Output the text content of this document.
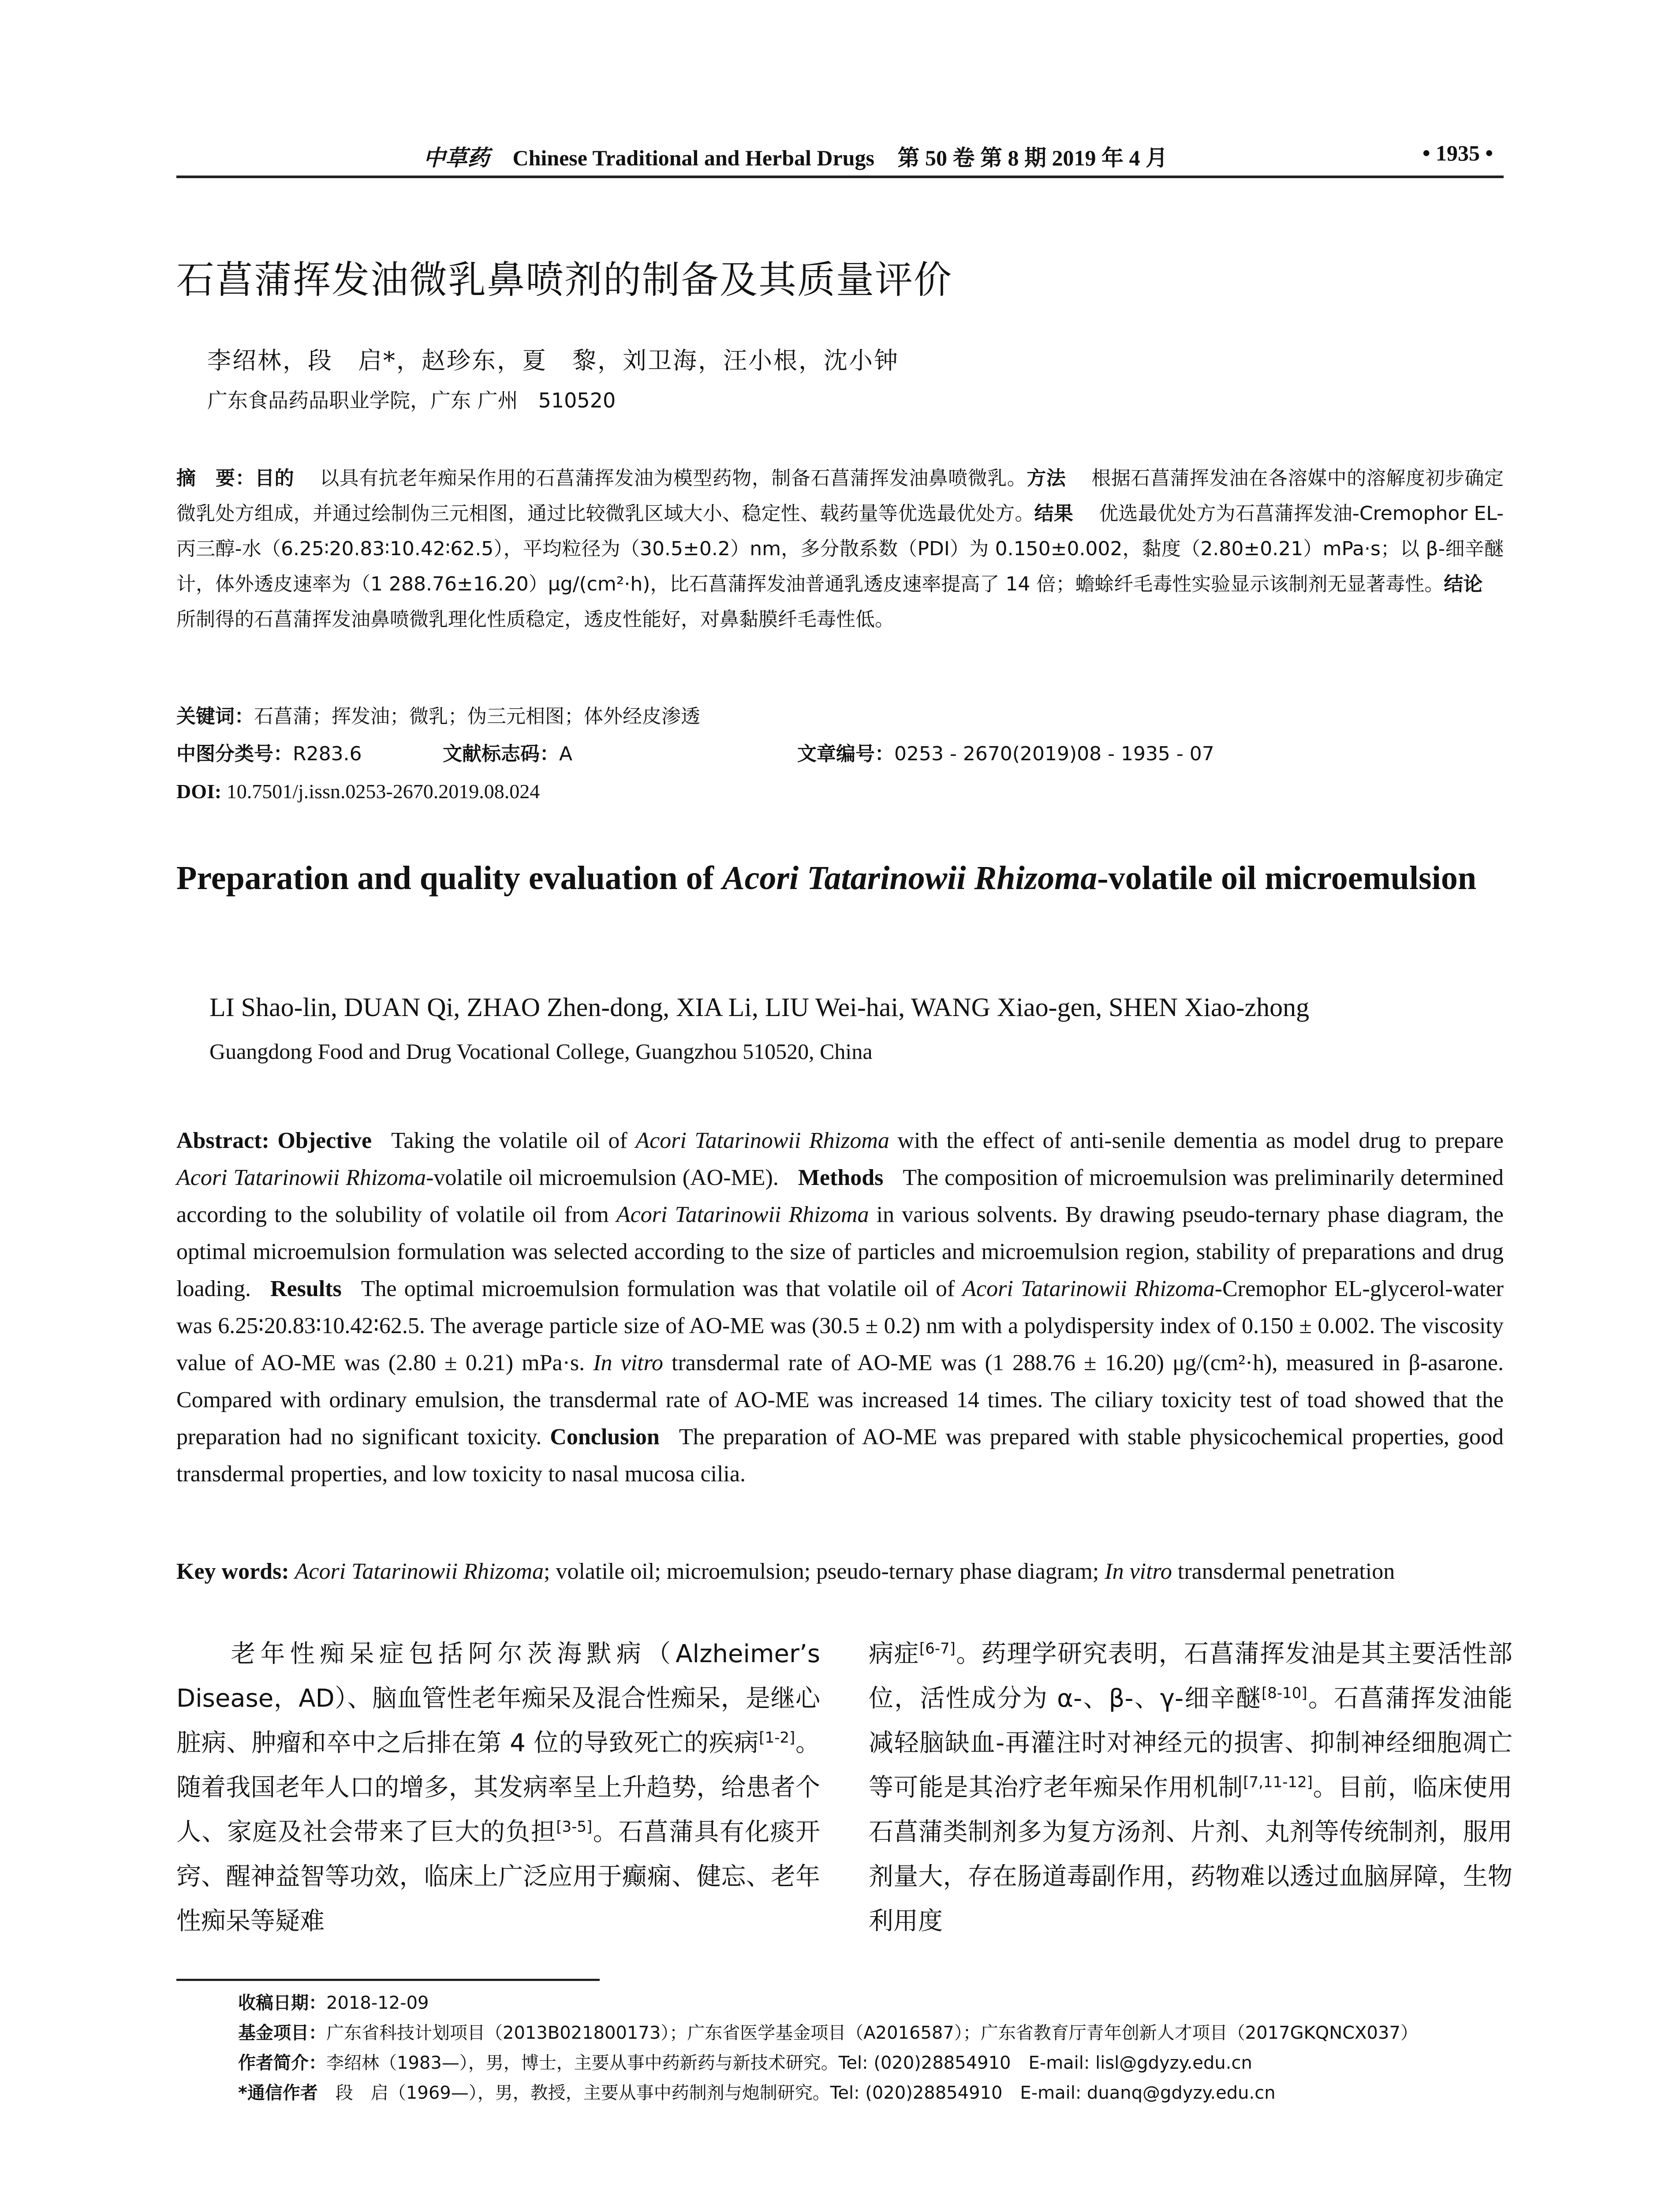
中草药 Chinese Traditional and Herbal Drugs 第 50 卷 第 8 期 2019 年 4 月	• 1935 •
石菖蒲挥发油微乳鼻喷剂的制备及其质量评价
李绍林，段　启*，赵珍东，夏　黎，刘卫海，汪小根，沈小钟
广东食品药品职业学院，广东 广州　510520
摘　要：目的 以具有抗老年痴呆作用的石菖蒲挥发油为模型药物，制备石菖蒲挥发油鼻喷微乳。方法 根据石菖蒲挥发油在各溶媒中的溶解度初步确定微乳处方组成，并通过绘制伪三元相图，通过比较微乳区域大小、稳定性、载药量等优选最优处方。结果 优选最优处方为石菖蒲挥发油-Cremophor EL-丙三醇-水（6.25∶20.83∶10.42∶62.5），平均粒径为（30.5±0.2）nm，多分散系数（PDI）为 0.150±0.002，黏度（2.80±0.21）mPa·s；以 β-细辛醚计，体外透皮速率为（1 288.76±16.20）μg/(cm²·h)，比石菖蒲挥发油普通乳透皮速率提高了 14 倍；蟾蜍纤毛毒性实验显示该制剂无显著毒性。结论所制得的石菖蒲挥发油鼻喷微乳理化性质稳定，透皮性能好，对鼻黏膜纤毛毒性低。
关键词：石菖蒲；挥发油；微乳；伪三元相图；体外经皮渗透
中图分类号：R283.6	文献标志码：A	文章编号：0253 - 2670(2019)08 - 1935 - 07
DOI: 10.7501/j.issn.0253-2670.2019.08.024
Preparation and quality evaluation of Acori Tatarinowii Rhizoma-volatile oil microemulsion
LI Shao-lin, DUAN Qi, ZHAO Zhen-dong, XIA Li, LIU Wei-hai, WANG Xiao-gen, SHEN Xiao-zhong
Guangdong Food and Drug Vocational College, Guangzhou 510520, China
Abstract: Objective Taking the volatile oil of Acori Tatarinowii Rhizoma with the effect of anti-senile dementia as model drug to prepare Acori Tatarinowii Rhizoma-volatile oil microemulsion (AO-ME). Methods The composition of microemulsion was preliminarily determined according to the solubility of volatile oil from Acori Tatarinowii Rhizoma in various solvents. By drawing pseudo-ternary phase diagram, the optimal microemulsion formulation was selected according to the size of particles and microemulsion region, stability of preparations and drug loading. Results The optimal microemulsion formulation was that volatile oil of Acori Tatarinowii Rhizoma-Cremophor EL-glycerol-water was 6.25∶20.83∶10.42∶62.5. The average particle size of AO-ME was (30.5 ± 0.2) nm with a polydispersity index of 0.150 ± 0.002. The viscosity value of AO-ME was (2.80 ± 0.21) mPa·s. In vitro transdermal rate of AO-ME was (1 288.76 ± 16.20) μg/(cm²·h), measured in β-asarone. Compared with ordinary emulsion, the transdermal rate of AO-ME was increased 14 times. The ciliary toxicity test of toad showed that the preparation had no significant toxicity. Conclusion The preparation of AO-ME was prepared with stable physicochemical properties, good transdermal properties, and low toxicity to nasal mucosa cilia.
Key words: Acori Tatarinowii Rhizoma; volatile oil; microemulsion; pseudo-ternary phase diagram; In vitro transdermal penetration
老年性痴呆症包括阿尔茨海默病（Alzheimer’s Disease，AD）、脑血管性老年痴呆及混合性痴呆，是继心脏病、肿瘤和卒中之后排在第 4 位的导致死亡的疾病[1-2]。随着我国老年人口的增多，其发病率呈上升趋势，给患者个人、家庭及社会带来了巨大的负担[3-5]。石菖蒲具有化痰开窍、醒神益智等功效，临床上广泛应用于癫痫、健忘、老年性痴呆等疑难
病症[6-7]。药理学研究表明，石菖蒲挥发油是其主要活性部位，活性成分为 α-、β-、γ-细辛醚[8-10]。石菖蒲挥发油能减轻脑缺血-再灌注时对神经元的损害、抑制神经细胞凋亡等可能是其治疗老年痴呆作用机制[7,11-12]。目前，临床使用石菖蒲类制剂多为复方汤剂、片剂、丸剂等传统制剂，服用剂量大，存在肠道毒副作用，药物难以透过血脑屏障，生物利用度
收稿日期：2018-12-09
基金项目：广东省科技计划项目（2013B021800173）；广东省医学基金项目（A2016587）；广东省教育厅青年创新人才项目（2017GKQNCX037）
作者简介：李绍林（1983—），男，博士，主要从事中药新药与新技术研究。Tel: (020)28854910　E-mail: lisl@gdyzy.edu.cn
*通信作者　 段　启（1969—），男，教授，主要从事中药制剂与炮制研究。Tel: (020)28854910　E-mail: duanq@gdyzy.edu.cn
